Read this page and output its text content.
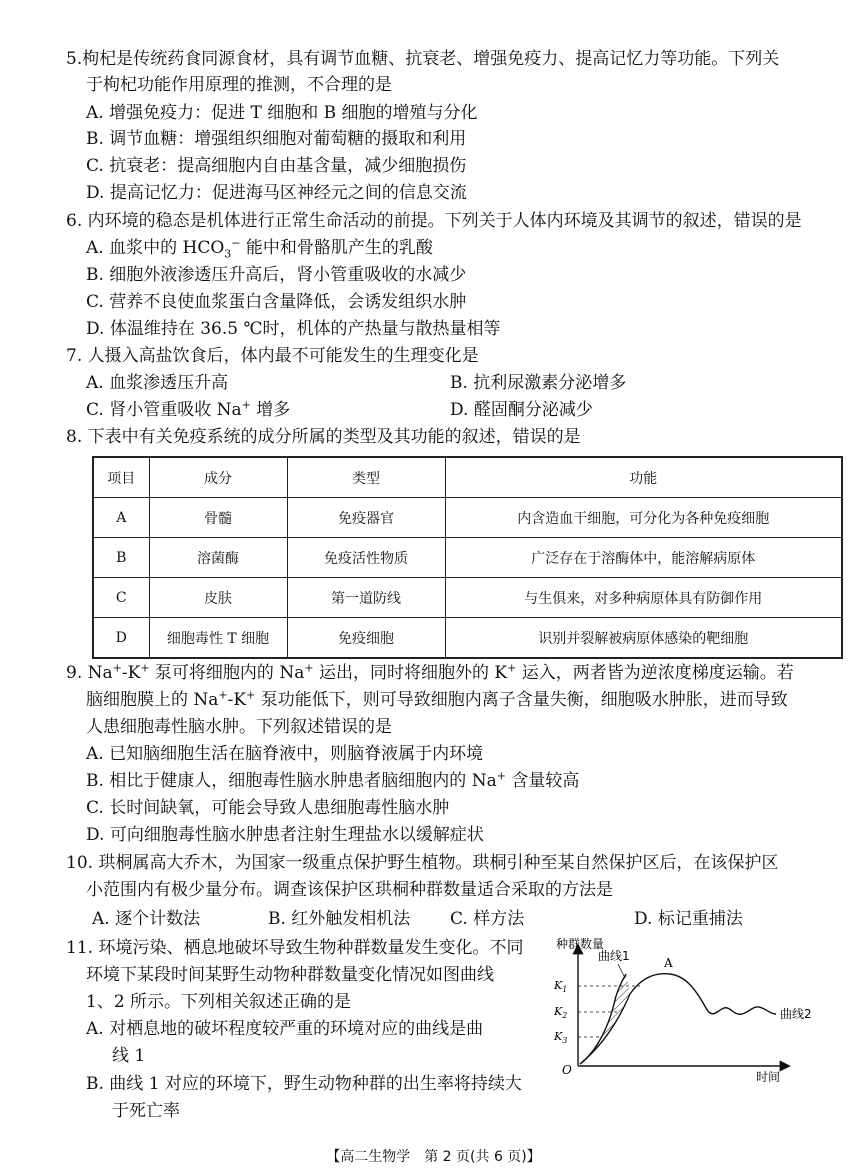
5.枸杞是传统药食同源食材，具有调节血糖、抗衰老、增强免疫力、提高记忆力等功能。下列关
于枸杞功能作用原理的推测，不合理的是
A. 增强免疫力：促进 T 细胞和 B 细胞的增殖与分化
B. 调节血糖：增强组织细胞对葡萄糖的摄取和利用
C. 抗衰老：提高细胞内自由基含量，减少细胞损伤
D. 提高记忆力：促进海马区神经元之间的信息交流
6. 内环境的稳态是机体进行正常生命活动的前提。下列关于人体内环境及其调节的叙述，错误的是
A. 血浆中的 $HCO_3^-$ 能中和骨骼肌产生的乳酸
B. 细胞外液渗透压升高后，肾小管重吸收的水减少
C. 营养不良使血浆蛋白含量降低，会诱发组织水肿
D. 体温维持在 36.5 ℃时，机体的产热量与散热量相等
7. 人摄入高盐饮食后，体内最不可能发生的生理变化是
A. 血浆渗透压升高	B. 抗利尿激素分泌增多
C. 肾小管重吸收 Na+ 增多	D. 醛固酮分泌减少
8. 下表中有关免疫系统的成分所属的类型及其功能的叙述，错误的是
项目	成分	类型	功能
A	骨髓	免疫器官	内含造血干细胞，可分化为各种免疫细胞
B	溶菌酶	免疫活性物质	广泛存在于溶酶体中，能溶解病原体
C	皮肤	第一道防线	与生俱来，对多种病原体具有防御作用
D	细胞毒性 T 细胞	免疫细胞	识别并裂解被病原体感染的靶细胞
9. Na+-K+ 泵可将细胞内的 Na+ 运出，同时将细胞外的 K+ 运入，两者皆为逆浓度梯度运输。若
脑细胞膜上的 Na+-K+ 泵功能低下，则可导致细胞内离子含量失衡，细胞吸水肿胀，进而导致
人患细胞毒性脑水肿。下列叙述错误的是
A. 已知脑细胞生活在脑脊液中，则脑脊液属于内环境
B. 相比于健康人，细胞毒性脑水肿患者脑细胞内的 Na+ 含量较高
C. 长时间缺氧，可能会导致人患细胞毒性脑水肿
D. 可向细胞毒性脑水肿患者注射生理盐水以缓解症状
10. 珙桐属高大乔木，为国家一级重点保护野生植物。珙桐引种至某自然保护区后，在该保护区
小范围内有极少量分布。调查该保护区珙桐种群数量适合采取的方法是
A. 逐个计数法	B. 红外触发相机法 C. 样方法	D. 标记重捕法
11. 环境污染、栖息地破坏导致生物种群数量发生变化。不同
环境下某段时间某野生动物种群数量变化情况如图曲线
1、2 所示。下列相关叙述正确的是
A. 对栖息地的破坏程度较严重的环境对应的曲线是曲
线 1
B. 曲线 1 对应的环境下，野生动物种群的出生率将持续大
于死亡率
种群数量
时间
O
$K_1$
$K_2$
$K_3$
曲线1	A
曲线2
【高二生物学　第 2 页(共 6 页)】
